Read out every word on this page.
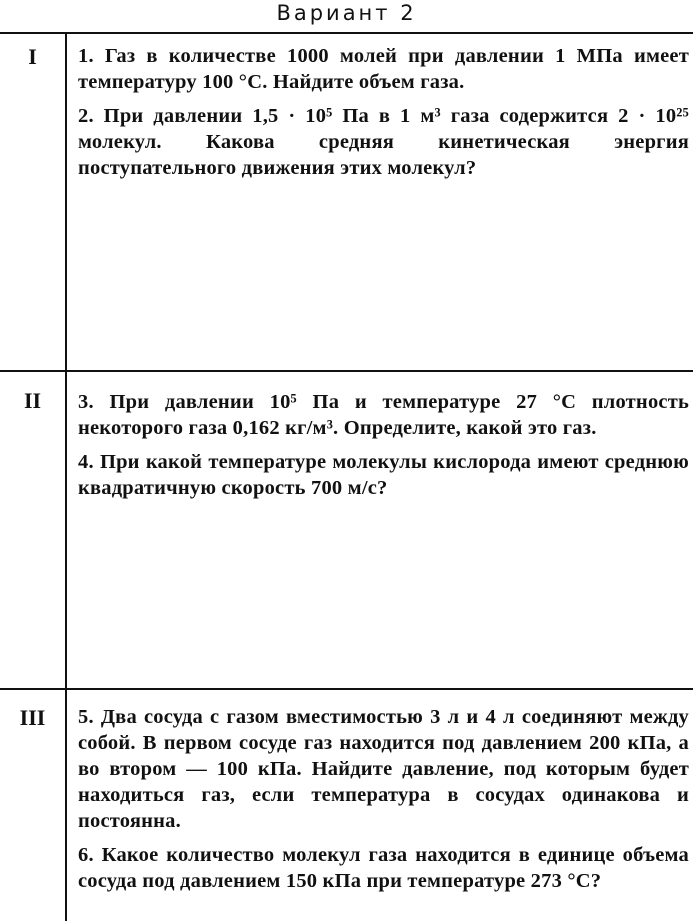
Вариант 2
I	1. Газ в количестве 1000 молей при давлении 1 МПа имеет температуру 100 °С. Найдите объем газа.

2. При давлении 1,5 · 10⁵ Па в 1 м³ газа содержится 2 · 10²⁵ молекул. Какова средняя кинетическая энергия поступательного движения этих молекул?

II	3. При давлении 10⁵ Па и температуре 27 °С плотность некоторого газа 0,162 кг/м³. Определите, какой это газ.

4. При какой температуре молекулы кислорода имеют среднюю квадратичную скорость 700 м/с?

III	5. Два сосуда с газом вместимостью 3 л и 4 л соединяют между собой. В первом сосуде газ находится под давлением 200 кПа, а во втором — 100 кПа. Найдите давление, под которым будет находиться газ, если температура в сосудах одинакова и постоянна.

6. Какое количество молекул газа находится в единице объема сосуда под давлением 150 кПа при температуре 273 °С?
